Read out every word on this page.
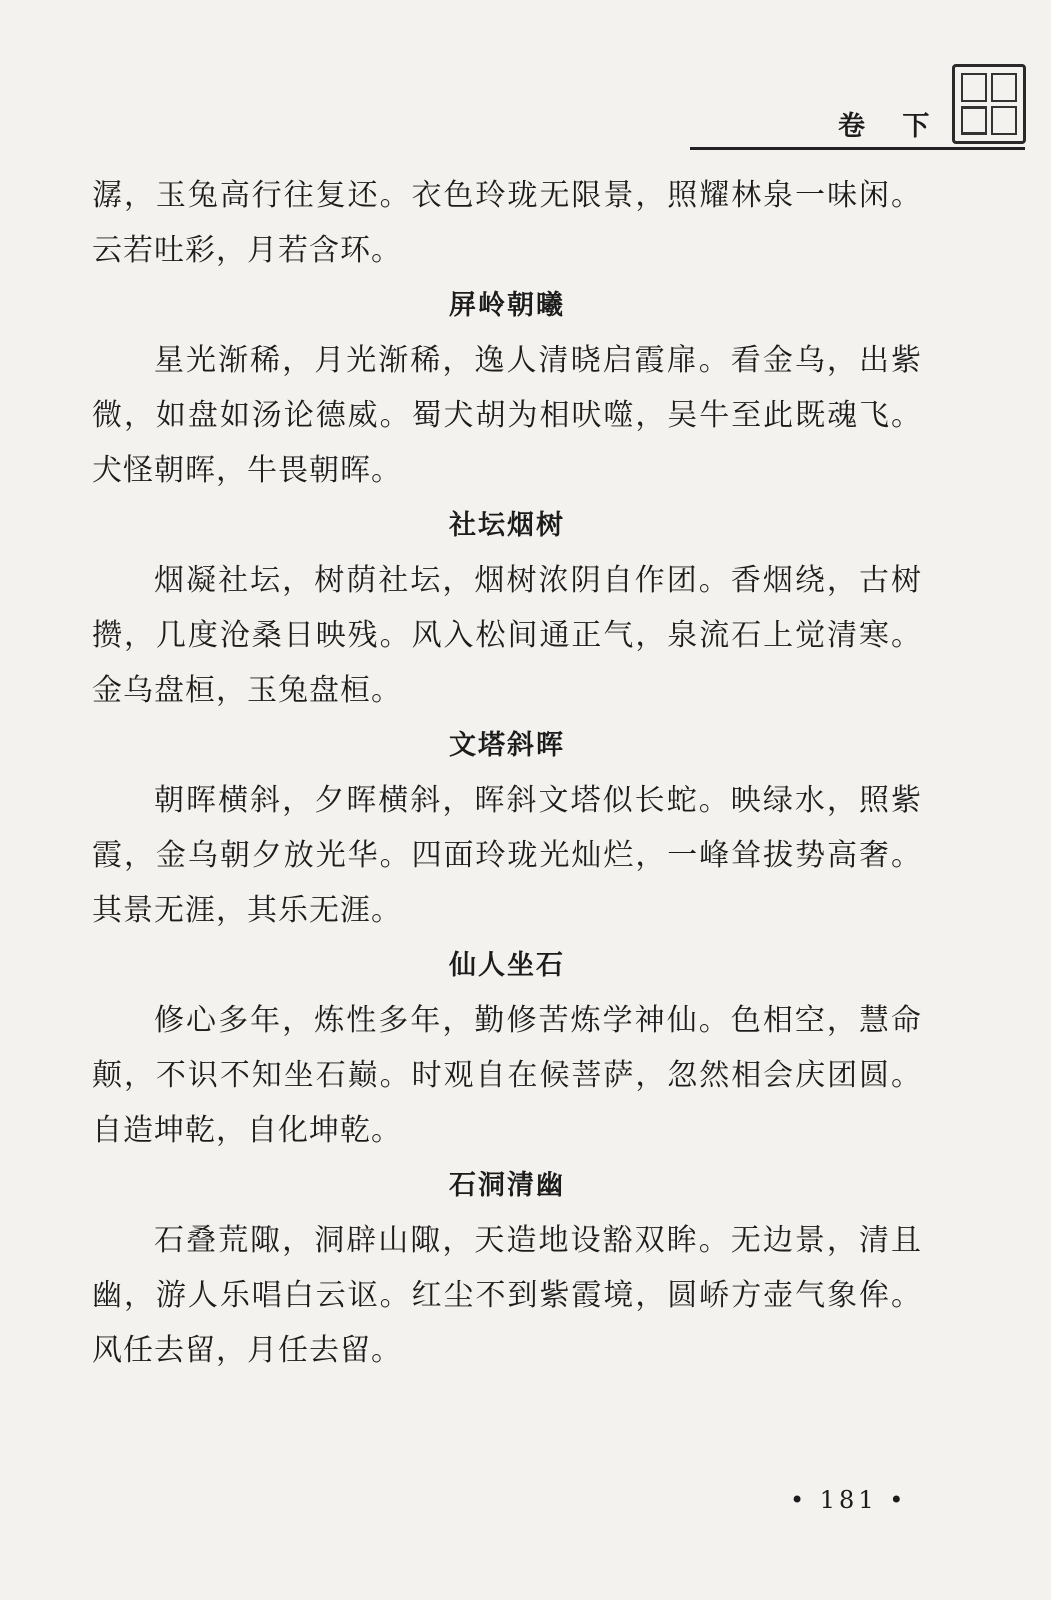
卷 下
潺，玉兔高行往复还。衣色玲珑无限景，照耀林泉一味闲。
云若吐彩，月若含环。
屏岭朝曦
星光渐稀，月光渐稀，逸人清晓启霞扉。看金乌，出紫
微，如盘如汤论德威。蜀犬胡为相吠噬，吴牛至此既魂飞。
犬怪朝晖，牛畏朝晖。
社坛烟树
烟凝社坛，树荫社坛，烟树浓阴自作团。香烟绕，古树
攒，几度沧桑日映残。风入松间通正气，泉流石上觉清寒。
金乌盘桓，玉兔盘桓。
文塔斜晖
朝晖横斜，夕晖横斜，晖斜文塔似长蛇。映绿水，照紫
霞，金乌朝夕放光华。四面玲珑光灿烂，一峰耸拔势高奢。
其景无涯，其乐无涯。
仙人坐石
修心多年，炼性多年，勤修苦炼学神仙。色相空，慧命
颠，不识不知坐石巅。时观自在候菩萨，忽然相会庆团圆。
自造坤乾，自化坤乾。
石洞清幽
石叠荒陬，洞辟山陬，天造地设豁双眸。无边景，清且
幽，游人乐唱白云讴。红尘不到紫霞境，圆峤方壶气象侔。
风任去留，月任去留。
• 181 •
